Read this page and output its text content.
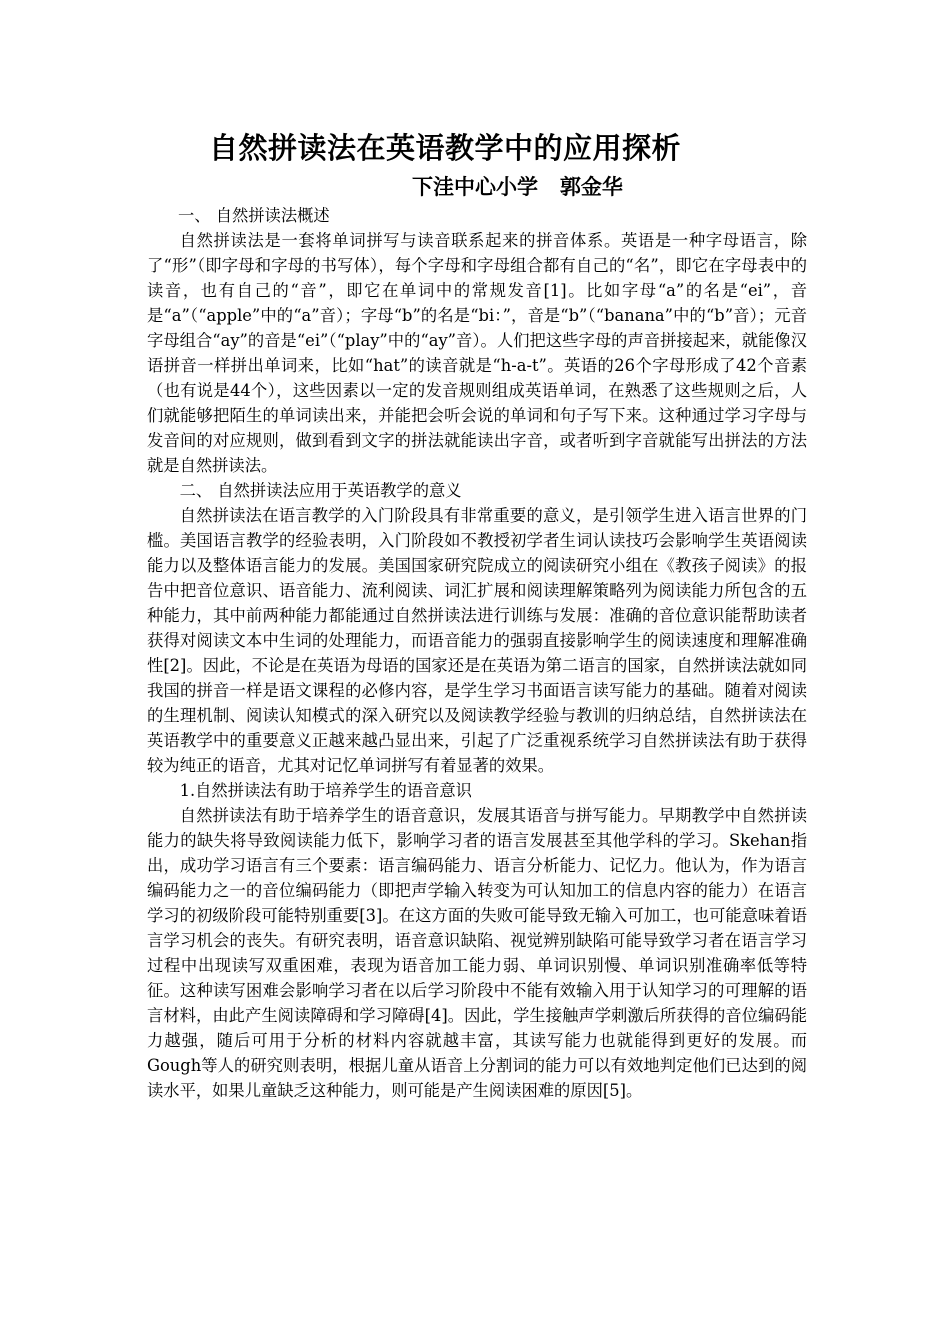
自然拼读法在英语教学中的应用探析
下洼中心小学   郭金华

一、 自然拼读法概述

自然拼读法是一套将单词拼写与读音联系起来的拼音体系。英语是一种字母语言，除了“形”（即字母和字母的书写体），每个字母和字母组合都有自己的“名”，即它在字母表中的读音，也有自己的“音”，即它在单词中的常规发音[1]。比如字母“a”的名是“ei”，音是“a”（“apple”中的“a”音）；字母“b”的名是“bi：”，音是“b”（“banana”中的“b”音）；元音字母组合“ay”的音是“ei”（“play”中的“ay”音）。人们把这些字母的声音拼接起来，就能像汉语拼音一样拼出单词来，比如“hat”的读音就是“h-a-t”。英语的26个字母形成了42个音素（也有说是44个），这些因素以一定的发音规则组成英语单词，在熟悉了这些规则之后，人们就能够把陌生的单词读出来，并能把会听会说的单词和句子写下来。这种通过学习字母与发音间的对应规则，做到看到文字的拼法就能读出字音，或者听到字音就能写出拼法的方法就是自然拼读法。

二、 自然拼读法应用于英语教学的意义

自然拼读法在语言教学的入门阶段具有非常重要的意义，是引领学生进入语言世界的门槛。美国语言教学的经验表明，入门阶段如不教授初学者生词认读技巧会影响学生英语阅读能力以及整体语言能力的发展。美国国家研究院成立的阅读研究小组在《教孩子阅读》的报告中把音位意识、语音能力、流利阅读、词汇扩展和阅读理解策略列为阅读能力所包含的五种能力，其中前两种能力都能通过自然拼读法进行训练与发展：准确的音位意识能帮助读者获得对阅读文本中生词的处理能力，而语音能力的强弱直接影响学生的阅读速度和理解准确性[2]。因此，不论是在英语为母语的国家还是在英语为第二语言的国家，自然拼读法就如同我国的拼音一样是语文课程的必修内容，是学生学习书面语言读写能力的基础。随着对阅读的生理机制、阅读认知模式的深入研究以及阅读教学经验与教训的归纳总结，自然拼读法在英语教学中的重要意义正越来越凸显出来，引起了广泛重视系统学习自然拼读法有助于获得较为纯正的语音，尤其对记忆单词拼写有着显著的效果。

1.自然拼读法有助于培养学生的语音意识

自然拼读法有助于培养学生的语音意识，发展其语音与拼写能力。早期教学中自然拼读能力的缺失将导致阅读能力低下，影响学习者的语言发展甚至其他学科的学习。Skehan指出，成功学习语言有三个要素：语言编码能力、语言分析能力、记忆力。他认为，作为语言编码能力之一的音位编码能力（即把声学输入转变为可认知加工的信息内容的能力）在语言学习的初级阶段可能特别重要[3]。在这方面的失败可能导致无输入可加工，也可能意味着语言学习机会的丧失。有研究表明，语音意识缺陷、视觉辨别缺陷可能导致学习者在语言学习过程中出现读写双重困难，表现为语音加工能力弱、单词识别慢、单词识别准确率低等特征。这种读写困难会影响学习者在以后学习阶段中不能有效输入用于认知学习的可理解的语言材料，由此产生阅读障碍和学习障碍[4]。因此，学生接触声学刺激后所获得的音位编码能力越强，随后可用于分析的材料内容就越丰富，其读写能力也就能得到更好的发展。而Gough等人的研究则表明，根据儿童从语音上分割词的能力可以有效地判定他们已达到的阅读水平，如果儿童缺乏这种能力，则可能是产生阅读困难的原因[5]。
